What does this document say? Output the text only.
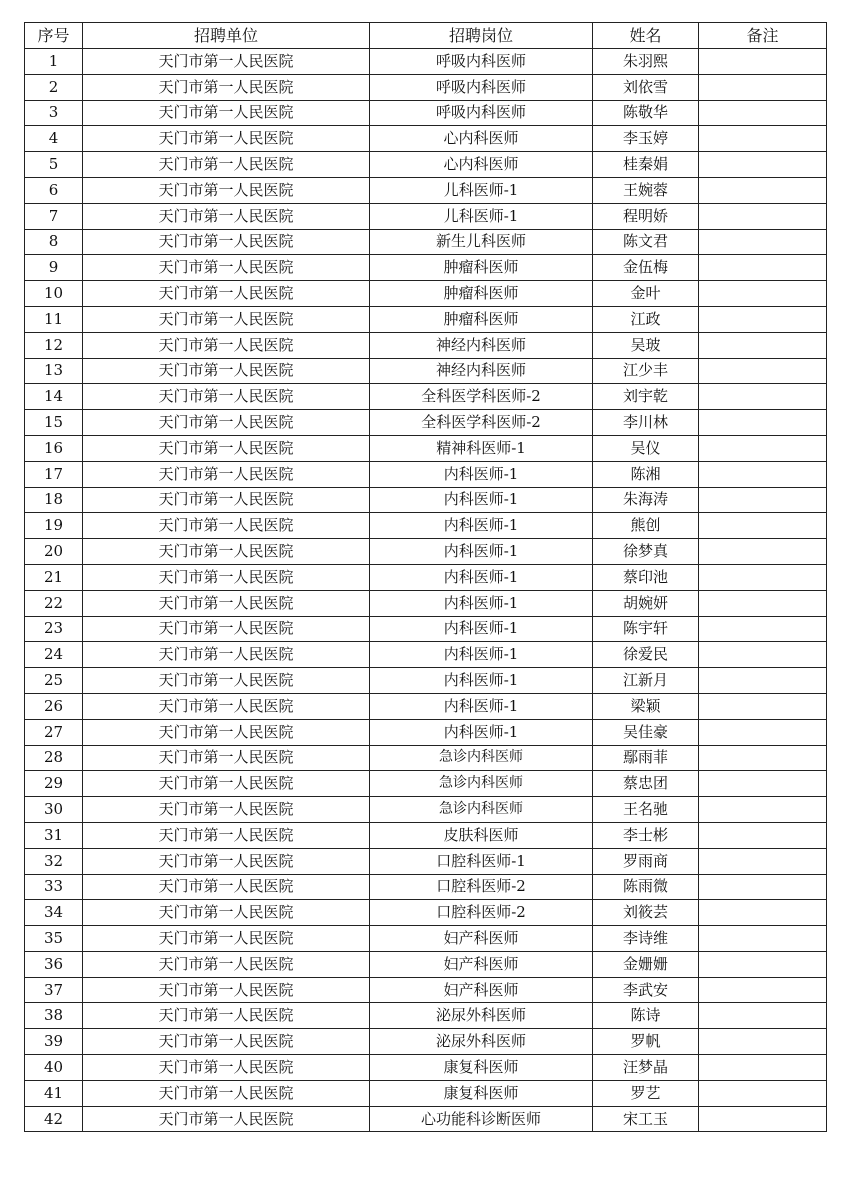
序号	招聘单位	招聘岗位	姓名	备注
1	天门市第一人民医院	呼吸内科医师	朱羽熙	
2	天门市第一人民医院	呼吸内科医师	刘依雪	
3	天门市第一人民医院	呼吸内科医师	陈敬华	
4	天门市第一人民医院	心内科医师	李玉婷	
5	天门市第一人民医院	心内科医师	桂秦娟	
6	天门市第一人民医院	儿科医师-1	王婉蓉	
7	天门市第一人民医院	儿科医师-1	程明娇	
8	天门市第一人民医院	新生儿科医师	陈文君	
9	天门市第一人民医院	肿瘤科医师	金伍梅	
10	天门市第一人民医院	肿瘤科医师	金叶	
11	天门市第一人民医院	肿瘤科医师	江政	
12	天门市第一人民医院	神经内科医师	吴玻	
13	天门市第一人民医院	神经内科医师	江少丰	
14	天门市第一人民医院	全科医学科医师-2	刘宇乾	
15	天门市第一人民医院	全科医学科医师-2	李川林	
16	天门市第一人民医院	精神科医师-1	吴仪	
17	天门市第一人民医院	内科医师-1	陈湘	
18	天门市第一人民医院	内科医师-1	朱海涛	
19	天门市第一人民医院	内科医师-1	熊创	
20	天门市第一人民医院	内科医师-1	徐梦真	
21	天门市第一人民医院	内科医师-1	蔡印池	
22	天门市第一人民医院	内科医师-1	胡婉妍	
23	天门市第一人民医院	内科医师-1	陈宇轩	
24	天门市第一人民医院	内科医师-1	徐爱民	
25	天门市第一人民医院	内科医师-1	江新月	
26	天门市第一人民医院	内科医师-1	梁颖	
27	天门市第一人民医院	内科医师-1	吴佳豪	
28	天门市第一人民医院	急诊内科医师	鄢雨菲	
29	天门市第一人民医院	急诊内科医师	蔡忠团	
30	天门市第一人民医院	急诊内科医师	王名驰	
31	天门市第一人民医院	皮肤科医师	李士彬	
32	天门市第一人民医院	口腔科医师-1	罗雨商	
33	天门市第一人民医院	口腔科医师-2	陈雨微	
34	天门市第一人民医院	口腔科医师-2	刘筱芸	
35	天门市第一人民医院	妇产科医师	李诗维	
36	天门市第一人民医院	妇产科医师	金姗姗	
37	天门市第一人民医院	妇产科医师	李武安	
38	天门市第一人民医院	泌尿外科医师	陈诗	
39	天门市第一人民医院	泌尿外科医师	罗帆	
40	天门市第一人民医院	康复科医师	汪梦晶	
41	天门市第一人民医院	康复科医师	罗艺	
42	天门市第一人民医院	心功能科诊断医师	宋工玉	
